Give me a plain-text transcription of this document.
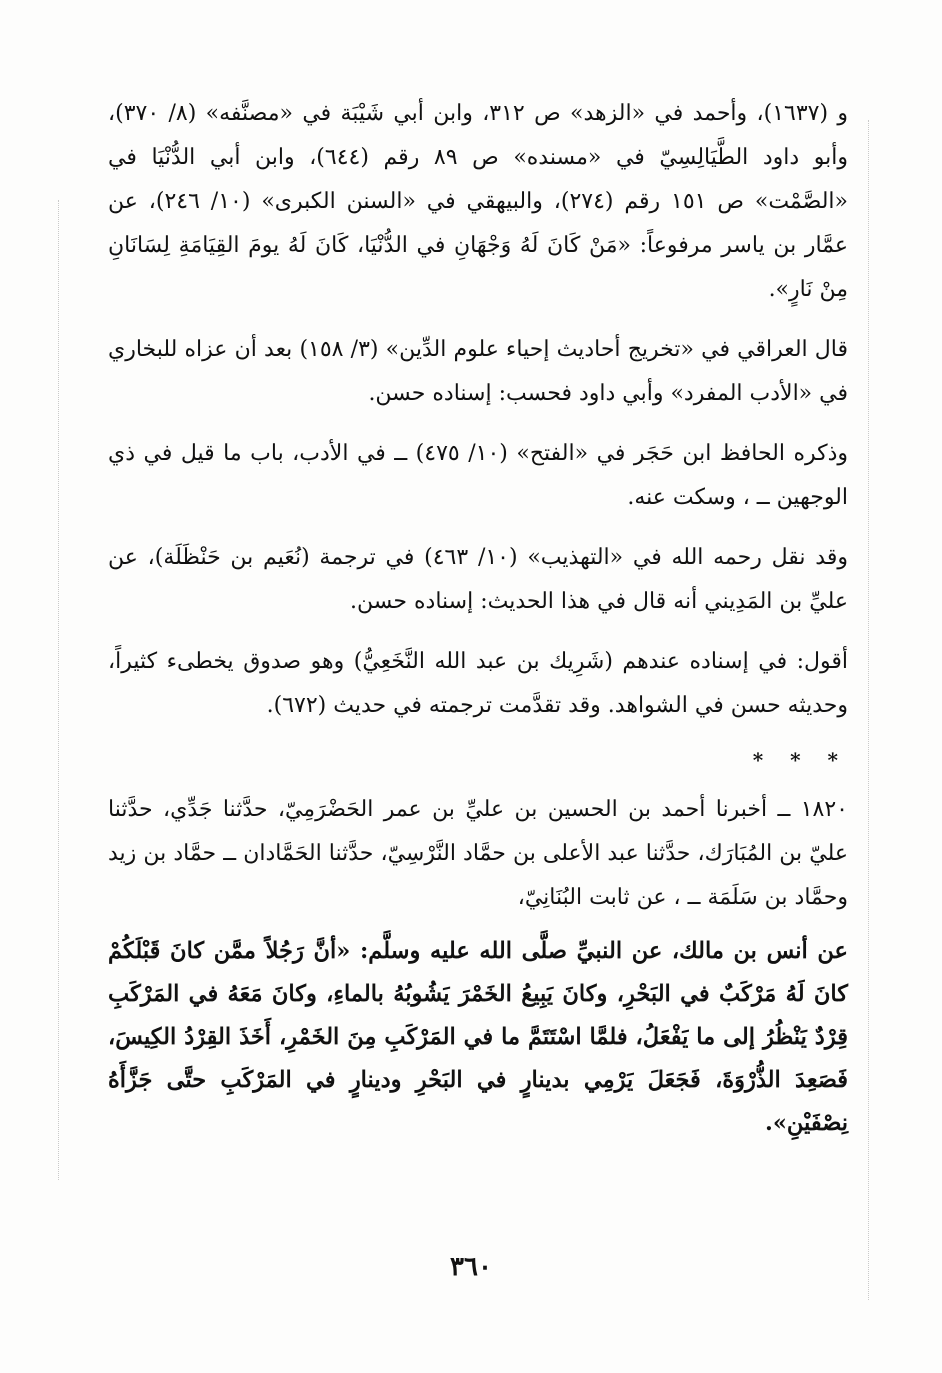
و (١٦٣٧)، وأحمد في «الزهد» ص ٣١٢، وابن أبي شَيْبَة في «مصنَّفه» (٨/ ٣٧٠)، وأبو داود الطَّيَالِسِيّ في «مسنده» ص ٨٩ رقم (٦٤٤)، وابن أبي الدُّنْيَا في «الصَّمْت» ص ١٥١ رقم (٢٧٤)، والبيهقي في «السنن الكبرى» (١٠/ ٢٤٦)، عن عمَّار بن ياسر مرفوعاً: «مَنْ كَانَ لَهُ وَجْهَانِ في الدُّنْيَا، كَانَ لَهُ يومَ القِيَامَةِ لِسَانَانِ مِنْ نَارٍ».

قال العراقي في «تخريج أحاديث إحياء علوم الدِّين» (٣/ ١٥٨) بعد أن عزاه للبخاري في «الأدب المفرد» وأبي داود فحسب: إسناده حسن.

وذكره الحافظ ابن حَجَر في «الفتح» (١٠/ ٤٧٥) ــ في الأدب، باب ما قيل في ذي الوجهين ــ ، وسكت عنه.

وقد نقل رحمه الله في «التهذيب» (١٠/ ٤٦٣) في ترجمة (نُعَيم بن حَنْظَلَة)، عن عليِّ بن المَدِيني أنه قال في هذا الحديث: إسناده حسن.

أقول: في إسناده عندهم (شَرِيك بن عبد الله النَّخَعِيُّ) وهو صدوق يخطىء كثيراً، وحديثه حسن في الشواهد. وقد تقدَّمت ترجمته في حديث (٦٧٢).

* * *

١٨٢٠ ــ أخبرنا أحمد بن الحسين بن عليِّ بن عمر الحَضْرَمِيّ، حدَّثنا جَدِّي، حدَّثنا عليّ بن المُبَارَك، حدَّثنا عبد الأعلى بن حمَّاد النَّرْسِيّ، حدَّثنا الحَمَّادان ــ حمَّاد بن زيد وحمَّاد بن سَلَمَة ــ ، عن ثابت البُنَانِيّ،

عن أنس بن مالك، عن النبيِّ صلَّى الله عليه وسلَّم: «أنَّ رَجُلاً ممَّن كانَ قَبْلَكُمْ كانَ لَهُ مَرْكَبٌ في البَحْرِ، وكانَ يَبِيعُ الخَمْرَ يَشُوبُهُ بالماءِ، وكانَ مَعَهُ في المَرْكَبِ قِرْدٌ يَنْظُرُ إلى ما يَفْعَلُ، فلمَّا اسْتَتَمَّ ما في المَرْكَبِ مِنَ الخَمْرِ، أَخَذَ القِرْدُ الكِيسَ، فَصَعِدَ الذُّرْوَةَ، فَجَعَلَ يَرْمِي بدينارٍ في البَحْرِ ودينارٍ في المَرْكَبِ حتَّى جَزَّأَهُ نِصْفَيْنِ».

٣٦٠
